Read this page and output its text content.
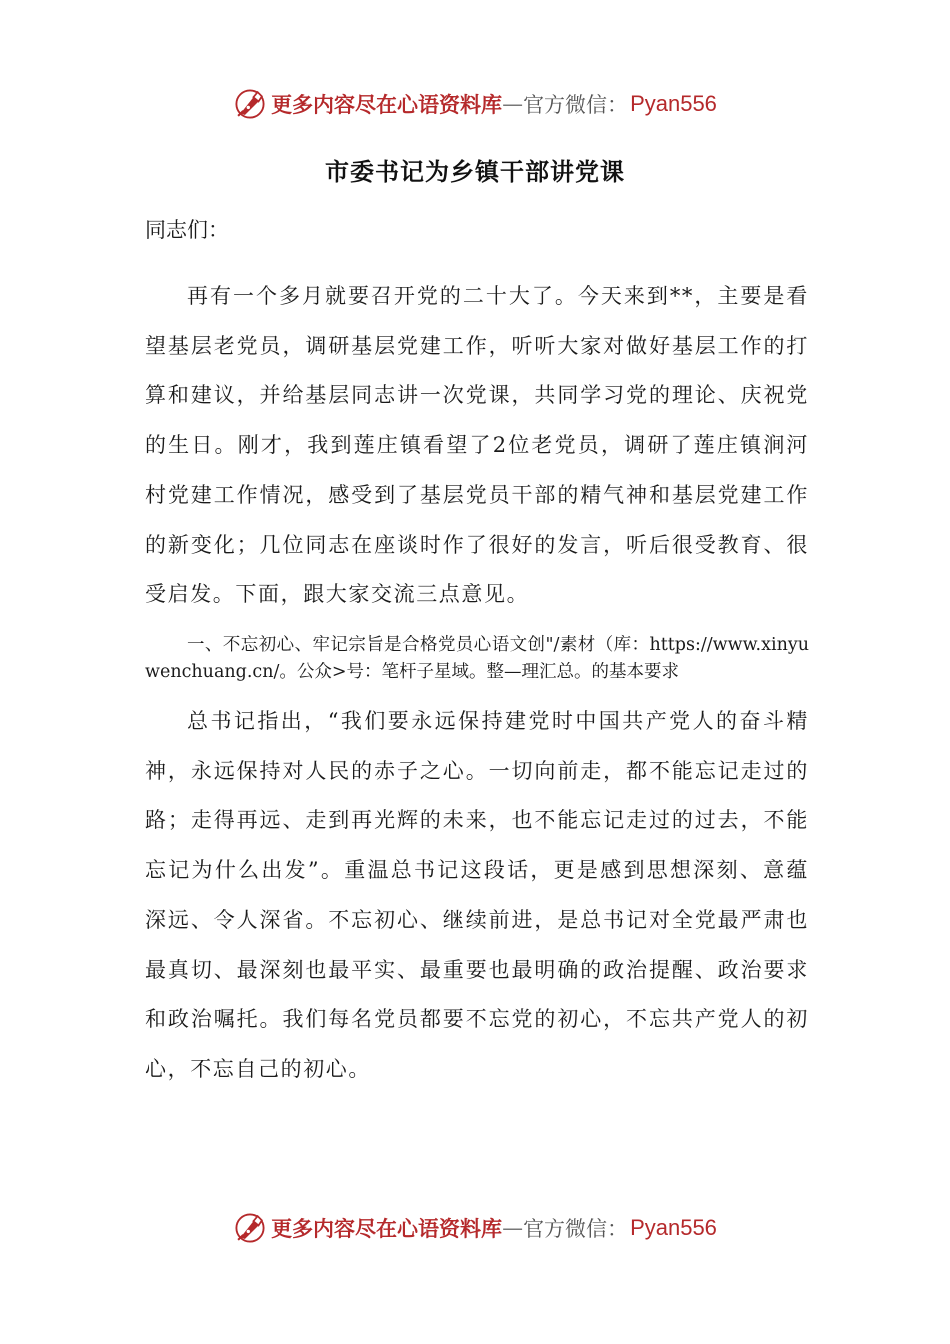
更多内容尽在心语资料库 — 官方微信： Pyan556
市委书记为乡镇干部讲党课

同志们：

再有一个多月就要召开党的二十大了。今天来到**，主要是看望基层老党员，调研基层党建工作，听听大家对做好基层工作的打算和建议，并给基层同志讲一次党课，共同学习党的理论、庆祝党的生日。刚才，我到莲庄镇看望了2位老党员，调研了莲庄镇涧河村党建工作情况，感受到了基层党员干部的精气神和基层党建工作的新变化；几位同志在座谈时作了很好的发言，听后很受教育、很受启发。下面，跟大家交流三点意见。

一、不忘初心、牢记宗旨是合格党员心语文创"/素材（库：https://www.xinyuwenchuang.cn/。公众>号：笔杆子星域。整—理汇总。的基本要求

总书记指出，“我们要永远保持建党时中国共产党人的奋斗精神，永远保持对人民的赤子之心。一切向前走，都不能忘记走过的路；走得再远、走到再光辉的未来，也不能忘记走过的过去，不能忘记为什么出发”。重温总书记这段话，更是感到思想深刻、意蕴深远、令人深省。不忘初心、继续前进，是总书记对全党最严肃也最真切、最深刻也最平实、最重要也最明确的政治提醒、政治要求和政治嘱托。我们每名党员都要不忘党的初心，不忘共产党人的初心，不忘自己的初心。

更多内容尽在心语资料库 — 官方微信： Pyan556
